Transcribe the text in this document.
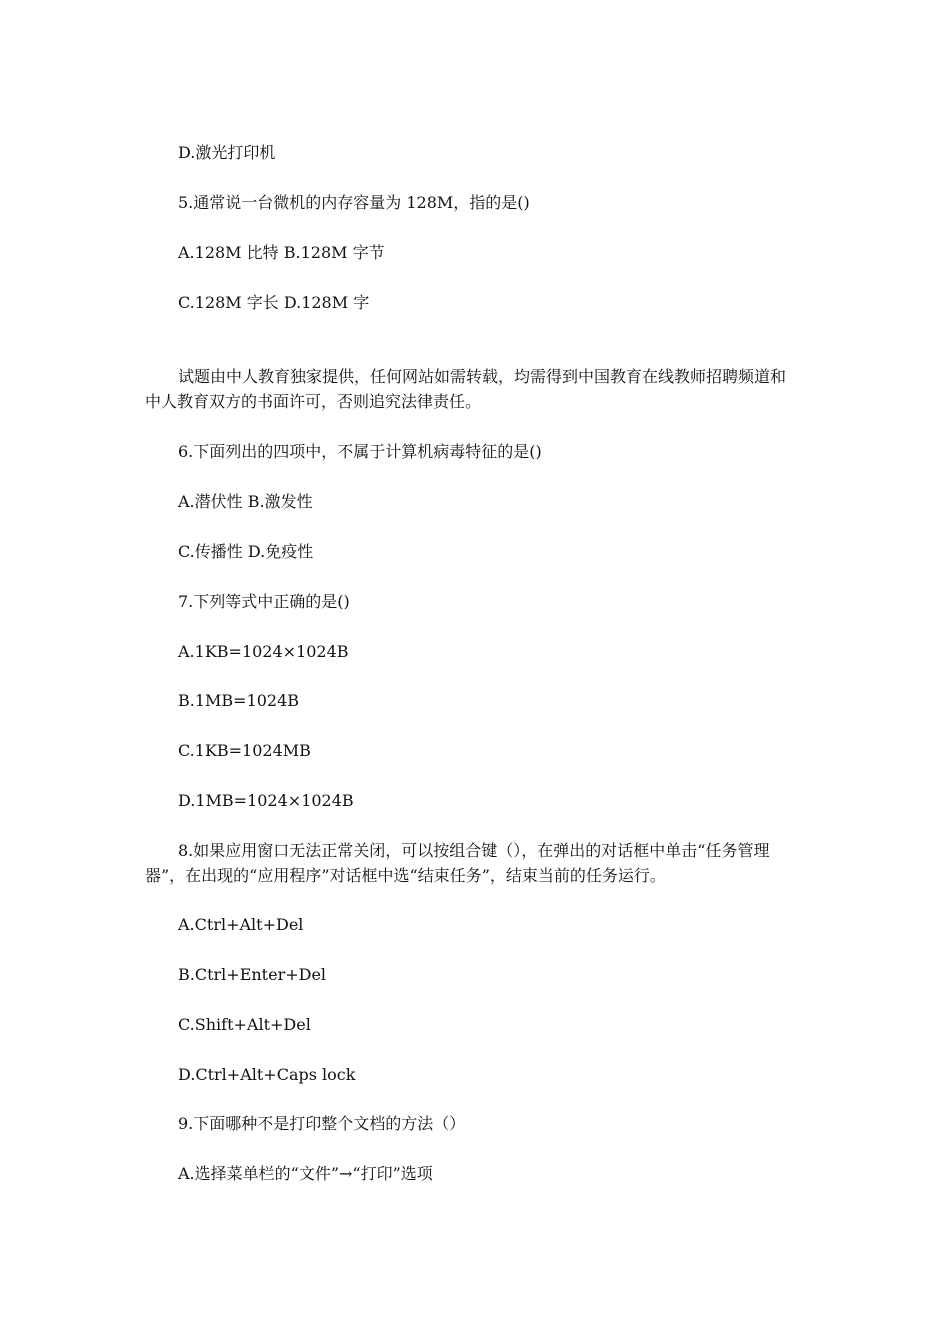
D.激光打印机
5.通常说一台微机的内存容量为 128M，指的是()
A.128M 比特 B.128M 字节
C.128M 字长 D.128M 字
试题由中人教育独家提供，任何网站如需转载，均需得到中国教育在线教师招聘频道和
中人教育双方的书面许可，否则追究法律责任。
6.下面列出的四项中，不属于计算机病毒特征的是()
A.潜伏性 B.激发性
C.传播性 D.免疫性
7.下列等式中正确的是()
A.1KB=1024×1024B
B.1MB=1024B
C.1KB=1024MB
D.1MB=1024×1024B
8.如果应用窗口无法正常关闭，可以按组合键（），在弹出的对话框中单击“任务管理
器”，在出现的“应用程序”对话框中选“结束任务”，结束当前的任务运行。
A.Ctrl+Alt+Del
B.Ctrl+Enter+Del
C.Shift+Alt+Del
D.Ctrl+Alt+Caps lock
9.下面哪种不是打印整个文档的方法（）
A.选择菜单栏的“文件”→“打印”选项
